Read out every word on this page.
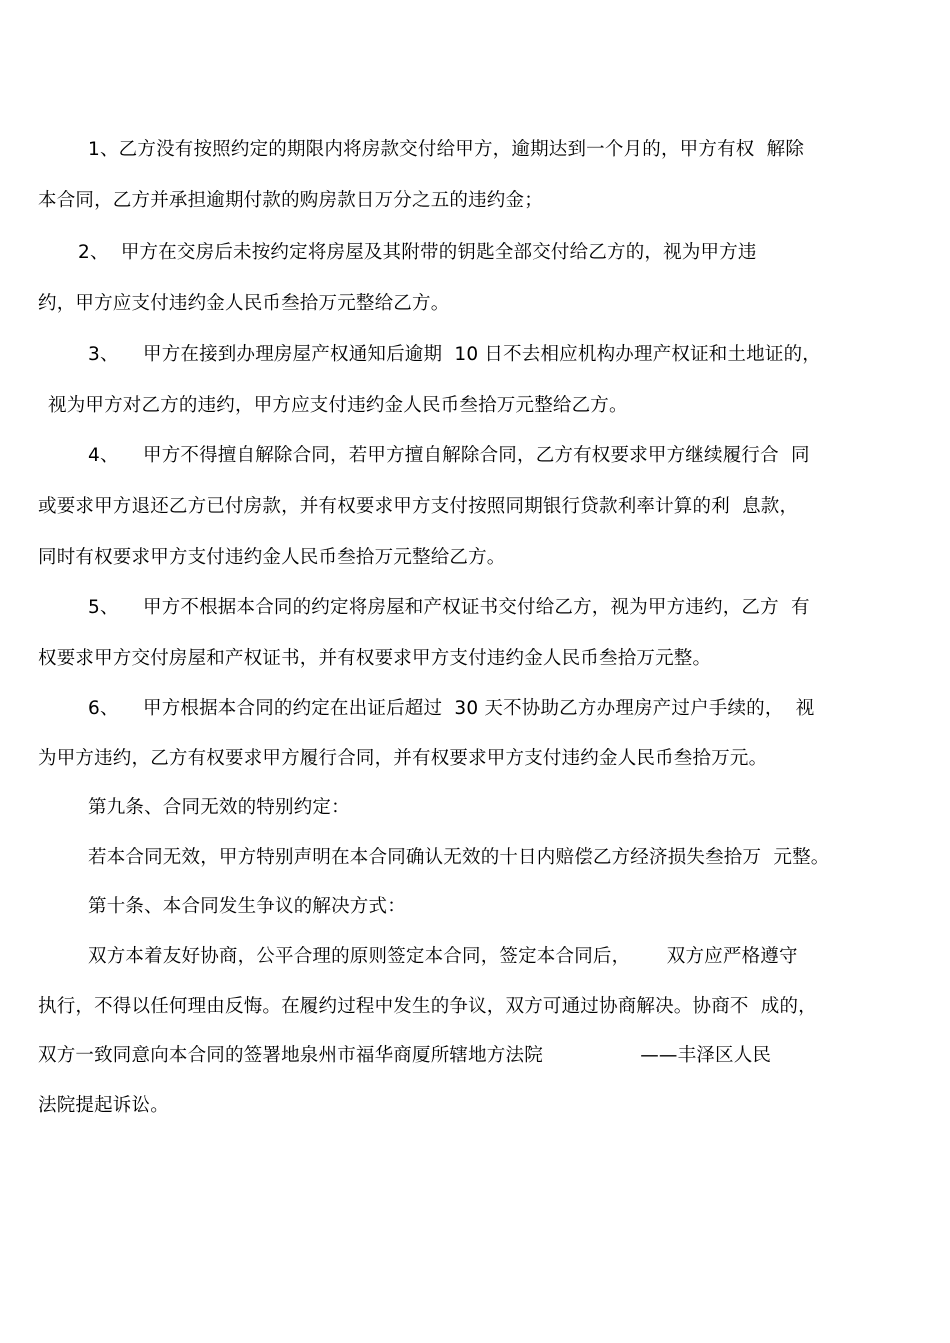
1、乙方没有按照约定的期限内将房款交付给甲方，逾期达到一个月的，甲方有权  解除
本合同，乙方并承担逾期付款的购房款日万分之五的违约金；
2、  甲方在交房后未按约定将房屋及其附带的钥匙全部交付给乙方的，视为甲方违
约，甲方应支付违约金人民币叁拾万元整给乙方。
3、    甲方在接到办理房屋产权通知后逾期  10 日不去相应机构办理产权证和土地证的，
视为甲方对乙方的违约，甲方应支付违约金人民币叁拾万元整给乙方。
4、    甲方不得擅自解除合同，若甲方擅自解除合同，乙方有权要求甲方继续履行合  同
或要求甲方退还乙方已付房款，并有权要求甲方支付按照同期银行贷款利率计算的利  息款，
同时有权要求甲方支付违约金人民币叁拾万元整给乙方。
5、    甲方不根据本合同的约定将房屋和产权证书交付给乙方，视为甲方违约，乙方  有
权要求甲方交付房屋和产权证书，并有权要求甲方支付违约金人民币叁拾万元整。
6、    甲方根据本合同的约定在出证后超过  30 天不协助乙方办理房产过户手续的，  视
为甲方违约，乙方有权要求甲方履行合同，并有权要求甲方支付违约金人民币叁拾万元。
第九条、合同无效的特别约定：
若本合同无效，甲方特别声明在本合同确认无效的十日内赔偿乙方经济损失叁拾万  元整。
第十条、本合同发生争议的解决方式：
双方本着友好协商，公平合理的原则签定本合同，签定本合同后，      双方应严格遵守
执行，不得以任何理由反悔。在履约过程中发生的争议，双方可通过协商解决。协商不  成的，
双方一致同意向本合同的签署地泉州市福华商厦所辖地方法院                ——丰泽区人民
法院提起诉讼。
